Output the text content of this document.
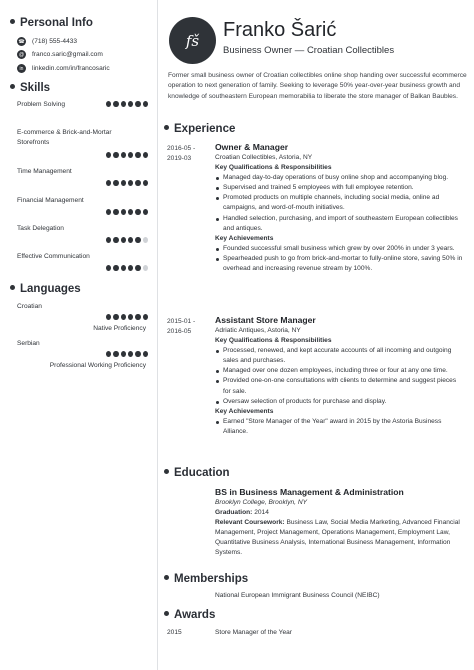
Personal Info
☎ (718) 555-4433
@ franco.saric@gmail.com
in	linkedin.com/in/francosaric
Skills
Problem Solving
E-commerce & Brick-and-Mortar Storefronts
Time Management
Financial Management
Task Delegation
Effective Communication
Languages
Croatian
Native Proficiency
Serbian
Professional Working Proficiency
fš	Franko Šarić
Business Owner — Croatian Collectibles
Former small business owner of Croatian collectibles online shop handing over successful ecommerce operation to next generation of family. Seeking to leverage 50% year-over-year business growth and knowledge of southeastern European memorabilia to liberate the store manager of Balkan Baubles.
Experience
2016-05 -
2019-03
Owner & Manager
Croatian Collectibles, Astoria, NY
Key Qualifications & Responsibilities
Managed day-to-day operations of busy online shop and accompanying blog.
Supervised and trained 5 employees with full employee retention.
Promoted products on multiple channels, including social media, online ad campaigns, and word-of-mouth initiatives.
Handled selection, purchasing, and import of southeastern European collectibles and antiques.
Key Achievements
Founded successful small business which grew by over 200% in under 3 years.
Spearheaded push to go from brick-and-mortar to fully-online store, saving 50% in overhead and increasing revenue stream by 100%.
2015-01 -
2016-05
Assistant Store Manager
Adriatic Antiques, Astoria, NY
Key Qualifications & Responsibilities
Processed, renewed, and kept accurate accounts of all incoming and outgoing sales and purchases.
Managed over one dozen employees, including three or four at any one time.
Provided one-on-one consultations with clients to determine and suggest pieces for sale.
Oversaw selection of products for purchase and display.
Key Achievements
Earned "Store Manager of the Year" award in 2015 by the Astoria Business Alliance.
Education
BS in Business Management & Administration
Brooklyn College, Brooklyn, NY
Graduation: 2014
Relevant Coursework: Business Law, Social Media Marketing, Advanced Financial Management, Project Management, Operations Management, Employment Law, Quantitative Business Analysis, International Business Management, Information Systems.
Memberships
National European Immigrant Business Council (NEIBC)
Awards
2015	Store Manager of the Year
